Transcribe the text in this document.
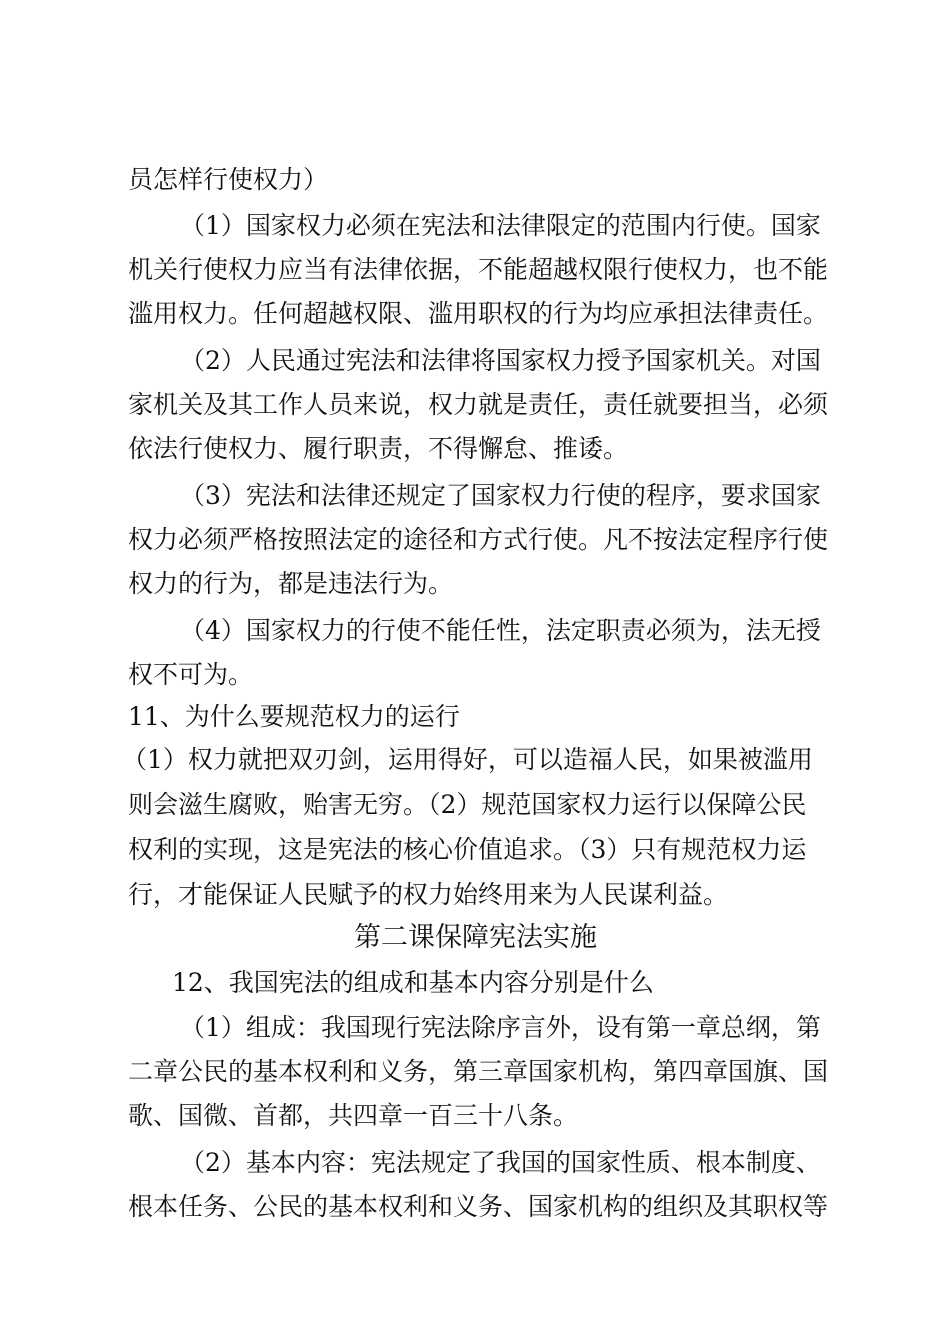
员怎样行使权力）
（1）国家权力必须在宪法和法律限定的范围内行使。国家
机关行使权力应当有法律依据，不能超越权限行使权力，也不能
滥用权力。任何超越权限、滥用职权的行为均应承担法律责任。
（2）人民通过宪法和法律将国家权力授予国家机关。对国
家机关及其工作人员来说，权力就是责任，责任就要担当，必须
依法行使权力、履行职责，不得懈怠、推诿。
（3）宪法和法律还规定了国家权力行使的程序，要求国家
权力必须严格按照法定的途径和方式行使。凡不按法定程序行使
权力的行为，都是违法行为。
（4）国家权力的行使不能任性，法定职责必须为，法无授
权不可为。
11、为什么要规范权力的运行
（1）权力就把双刃剑，运用得好，可以造福人民，如果被滥用
则会滋生腐败，贻害无穷。（2）规范国家权力运行以保障公民
权利的实现，这是宪法的核心价值追求。（3）只有规范权力运
行，才能保证人民赋予的权力始终用来为人民谋利益。
第二课保障宪法实施
12、我国宪法的组成和基本内容分别是什么
（1）组成：我国现行宪法除序言外，设有第一章总纲，第
二章公民的基本权利和义务，第三章国家机构，第四章国旗、国
歌、国微、首都，共四章一百三十八条。
（2）基本内容：宪法规定了我国的国家性质、根本制度、
根本任务、公民的基本权利和义务、国家机构的组织及其职权等
